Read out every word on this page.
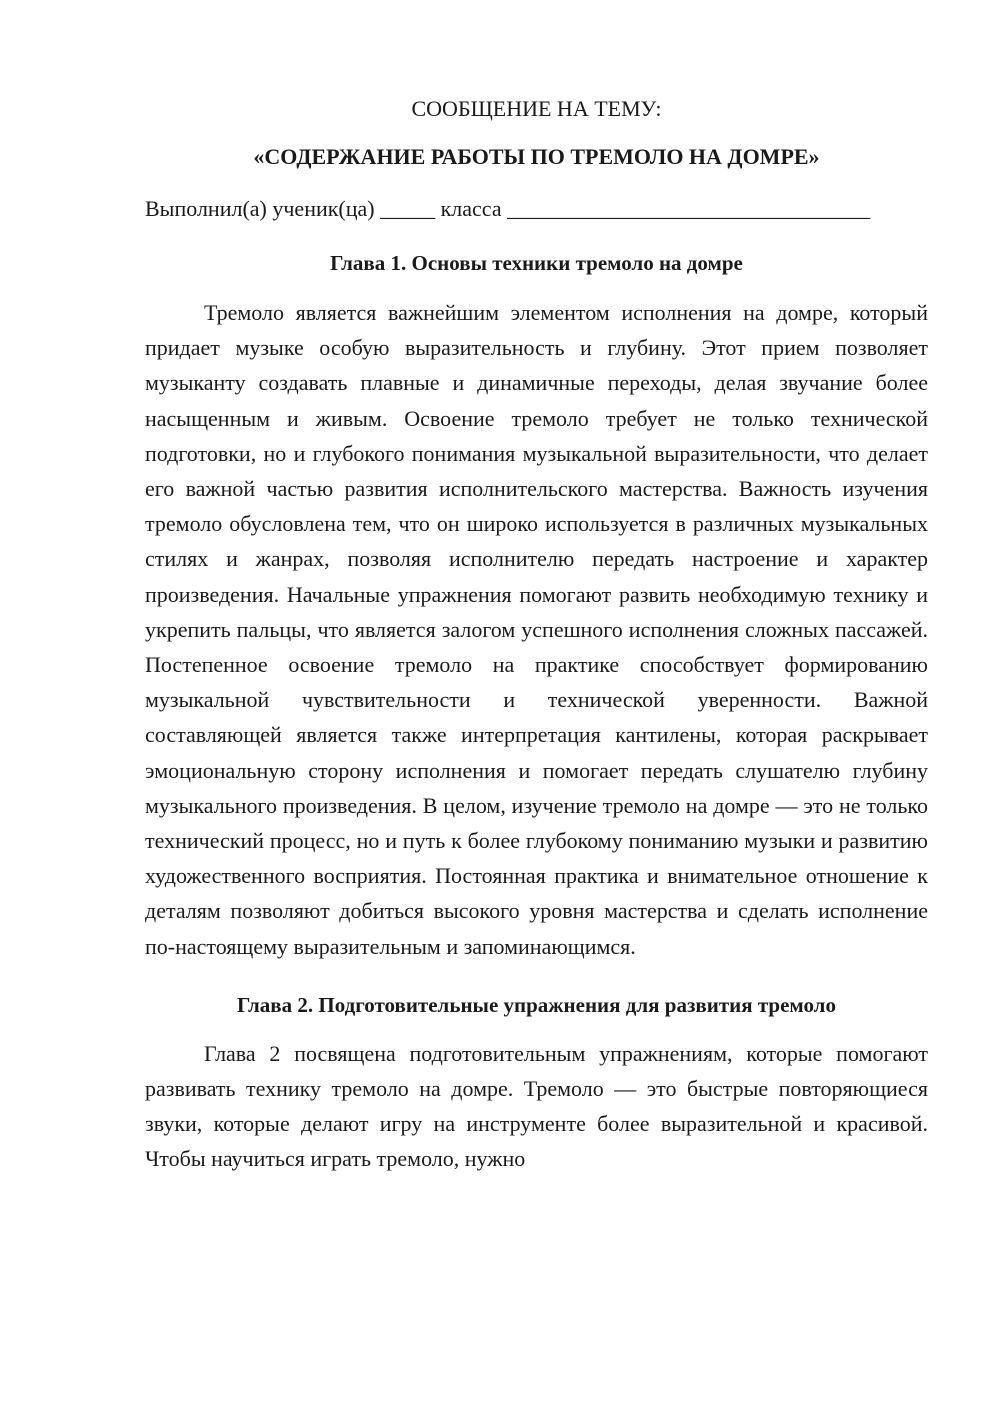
СООБЩЕНИЕ НА ТЕМУ:

«СОДЕРЖАНИЕ РАБОТЫ ПО ТРЕМОЛО НА ДОМРЕ»

Выполнил(а) ученик(ца) _____ класса _________________________________
Глава 1. Основы техники тремоло на домре

Тремоло является важнейшим элементом исполнения на домре, который придает музыке особую выразительность и глубину. Этот прием позволяет музыканту создавать плавные и динамичные переходы, делая звучание более насыщенным и живым. Освоение тремоло требует не только технической подготовки, но и глубокого понимания музыкальной выразительности, что делает его важной частью развития исполнительского мастерства. Важность изучения тремоло обусловлена тем, что он широко используется в различных музыкальных стилях и жанрах, позволяя исполнителю передать настроение и характер произведения. Начальные упражнения помогают развить необходимую технику и укрепить пальцы, что является залогом успешного исполнения сложных пассажей. Постепенное освоение тремоло на практике способствует формированию музыкальной чувствительности и технической уверенности. Важной составляющей является также интерпретация кантилены, которая раскрывает эмоциональную сторону исполнения и помогает передать слушателю глубину музыкального произведения. В целом, изучение тремоло на домре — это не только технический процесс, но и путь к более глубокому пониманию музыки и развитию художественного восприятия. Постоянная практика и внимательное отношение к деталям позволяют добиться высокого уровня мастерства и сделать исполнение по-настоящему выразительным и запоминающимся.

Глава 2. Подготовительные упражнения для развития тремоло

Глава 2 посвящена подготовительным упражнениям, которые помогают развивать технику тремоло на домре. Тремоло — это быстрые повторяющиеся звуки, которые делают игру на инструменте более выразительной и красивой. Чтобы научиться играть тремоло, нужно
